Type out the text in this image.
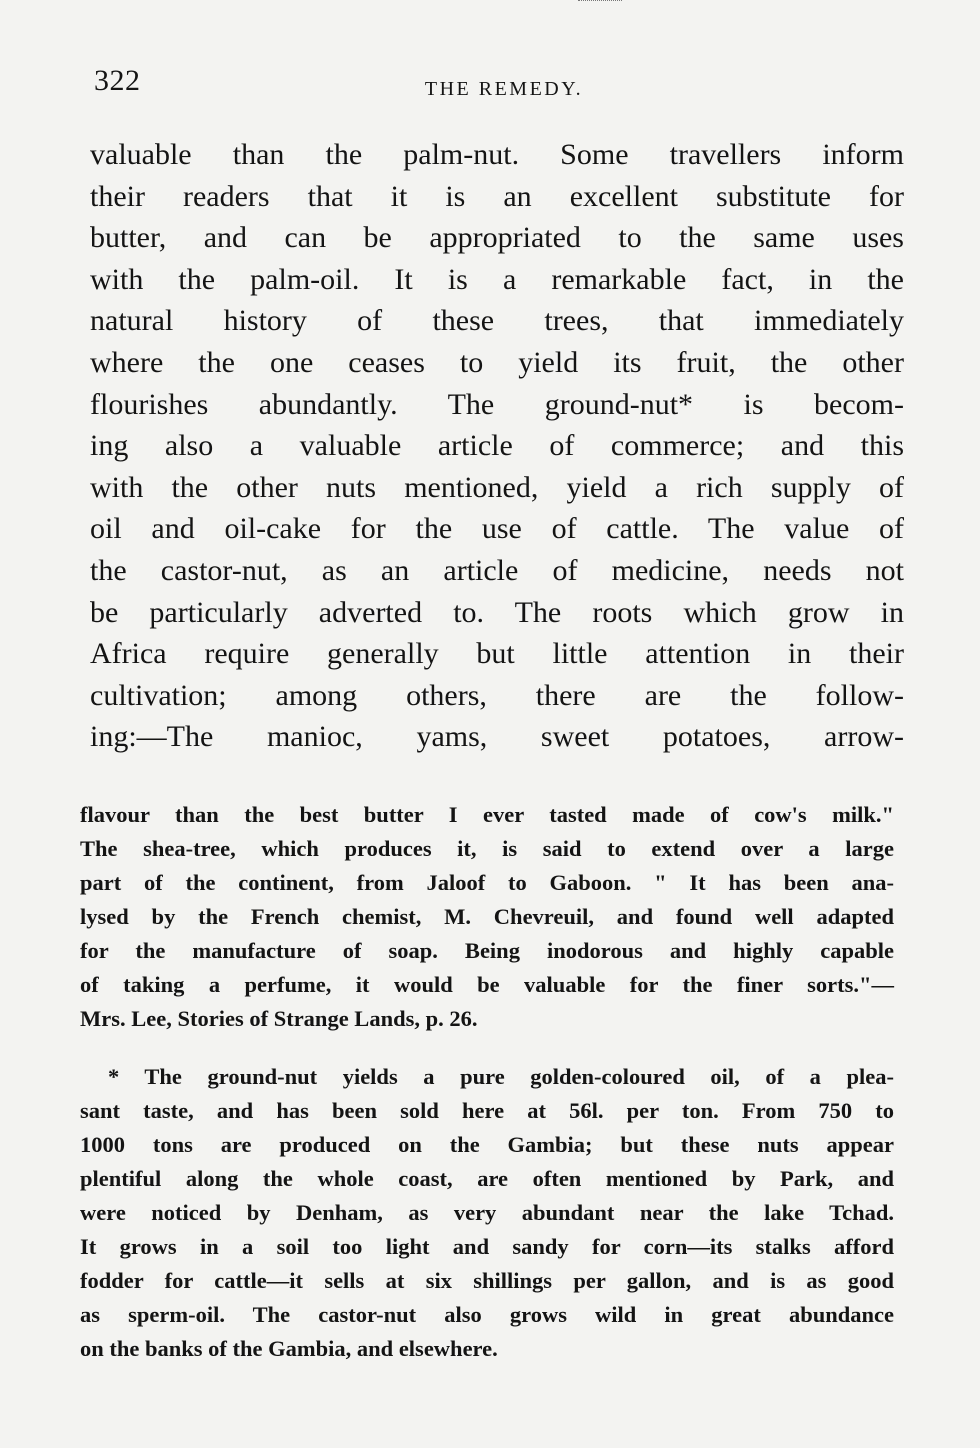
322	THE REMEDY.
valuable than the palm-nut. Some travellers inform
their readers that it is an excellent substitute for
butter, and can be appropriated to the same uses
with the palm-oil. It is a remarkable fact, in the
natural history of these trees, that immediately
where the one ceases to yield its fruit, the other
flourishes abundantly. The ground-nut* is becom-
ing also a valuable article of commerce; and this
with the other nuts mentioned, yield a rich supply of
oil and oil-cake for the use of cattle. The value of
the castor-nut, as an article of medicine, needs not
be particularly adverted to. The roots which grow in
Africa require generally but little attention in their
cultivation; among others, there are the follow-
ing:—The manioc, yams, sweet potatoes, arrow-
flavour than the best butter I ever tasted made of cow's milk."
The shea-tree, which produces it, is said to extend over a large
part of the continent, from Jaloof to Gaboon. " It has been ana-
lysed by the French chemist, M. Chevreuil, and found well adapted
for the manufacture of soap. Being inodorous and highly capable
of taking a perfume, it would be valuable for the finer sorts."—
Mrs. Lee, Stories of Strange Lands, p. 26.
* The ground-nut yields a pure golden-coloured oil, of a plea-
sant taste, and has been sold here at 56l. per ton. From 750 to
1000 tons are produced on the Gambia; but these nuts appear
plentiful along the whole coast, are often mentioned by Park, and
were noticed by Denham, as very abundant near the lake Tchad.
It grows in a soil too light and sandy for corn—its stalks afford
fodder for cattle—it sells at six shillings per gallon, and is as good
as sperm-oil. The castor-nut also grows wild in great abundance
on the banks of the Gambia, and elsewhere.
